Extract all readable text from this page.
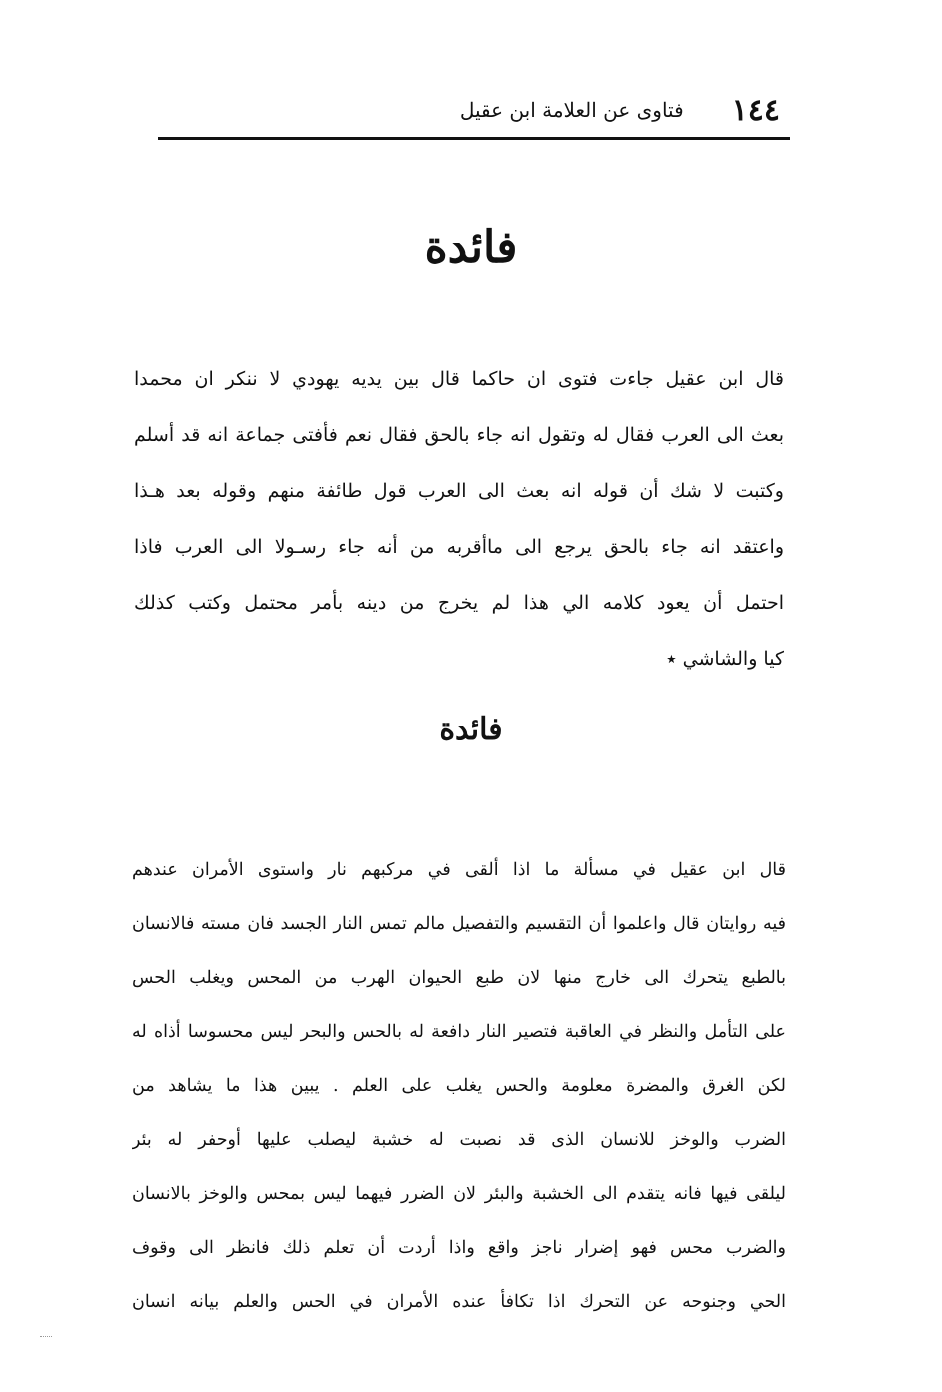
١٤٤
فتاوى عن العلامة ابن عقيل
فائدة
قال ابن عقيل جاءت فتوى ان حاكما قال بين يديه يهودي لا ننكر ان محمدا
بعث الى العرب فقال له وتقول انه جاء بالحق فقال نعم فأفتى جماعة انه قد أسلم
وكتبت لا شك أن قوله انه بعث الى العرب قول طائفة منهم وقوله بعد هـذا
واعتقد انه جاء بالحق يرجع الى ماأقربه من أنه جاء رسـولا الى العرب فاذا
احتمل أن يعود كلامه الي هذا لم يخرج من دينه بأمر محتمل وكتب كذلك
كيا والشاشي ٭
فائدة
قال ابن عقيل في مسألة ما اذا ألقى في مركبهم نار واستوى الأمران عندهم
فيه روايتان قال واعلموا أن التقسيم والتفصيل مالم تمس النار الجسد فان مسته فالانسان
بالطبع يتحرك الى خارج منها لان طبع الحيوان الهرب من المحس ويغلب الحس
على التأمل والنظر في العاقبة فتصير النار دافعة له بالحس والبحر ليس محسوسا أذاه له
لكن الغرق والمضرة معلومة والحس يغلب على العلم . يبين هذا ما يشاهد من
الضرب والوخز للانسان الذى قد نصبت له خشبة ليصلب عليها أوحفر له بئر
ليلقى فيها فانه يتقدم الى الخشبة والبئر لان الضرر فيهما ليس بمحس والوخز بالانسان
والضرب محس فهو إضرار ناجز واقع واذا أردت أن تعلم ذلك فانظر الى وقوف
الحي وجنوحه عن التحرك اذا تكافأ عنده الأمران في الحس والعلم بيانه انسان
